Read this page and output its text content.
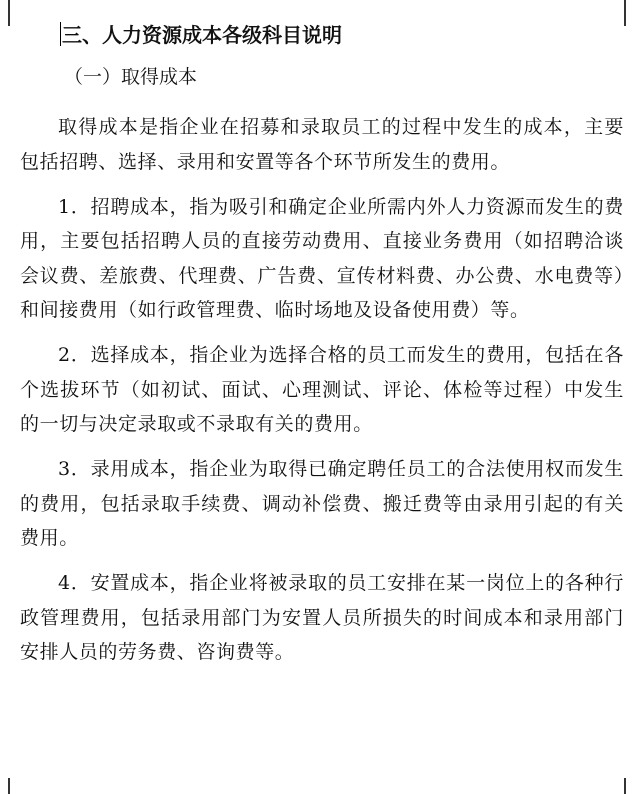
三、人力资源成本各级科目说明
（一）取得成本

取得成本是指企业在招募和录取员工的过程中发生的成本，主要包括招聘、选择、录用和安置等各个环节所发生的费用。

1．招聘成本，指为吸引和确定企业所需内外人力资源而发生的费用，主要包括招聘人员的直接劳动费用、直接业务费用（如招聘洽谈会议费、差旅费、代理费、广告费、宣传材料费、办公费、水电费等）和间接费用（如行政管理费、临时场地及设备使用费）等。

2．选择成本，指企业为选择合格的员工而发生的费用，包括在各个选拔环节（如初试、面试、心理测试、评论、体检等过程）中发生的一切与决定录取或不录取有关的费用。

3．录用成本，指企业为取得已确定聘任员工的合法使用权而发生的费用，包括录取手续费、调动补偿费、搬迁费等由录用引起的有关费用。

4．安置成本，指企业将被录取的员工安排在某一岗位上的各种行政管理费用，包括录用部门为安置人员所损失的时间成本和录用部门安排人员的劳务费、咨询费等。
